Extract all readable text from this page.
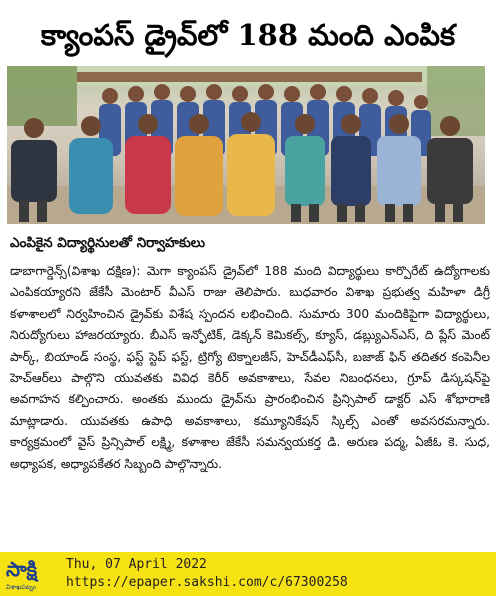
క్యాంపస్ డ్రైవ్‌లో 188 మంది ఎంపిక
ఎంపికైన విద్యార్థినులతో నిర్వాహకులు
డాబాగార్డెన్స్(విశాఖ దక్షిణ): మెగా క్యాంపస్ డ్రైవ్‌లో 188 మంది విద్యార్థులు కార్పొరేట్ ఉద్యోగాలకు ఎంపికయ్యారని జేకేసీ మెంటార్ వీఎస్ రాజు తెలిపారు. బుధవారం విశాఖ ప్రభుత్వ మహిళా డిగ్రీ కళాశాలలో నిర్వహించిన డ్రైవ్‌కు విశేష స్పందన లభించింది. సుమారు 300 మందికిపైగా విద్యార్థులు, నిరుద్యోగులు హాజరయ్యారు. బీఎస్ ఇన్ఫోటిక్, డెక్కన్ కెమికల్స్, క్యూస్, డబ్ల్యుఎన్ఎస్, ది ప్లేస్ మెంట్ పార్క్, బియాండ్ సంస్థ, ఫస్ట్ స్టెప్ ఫస్ట్, ట్రిగ్యో టెక్నాలజీస్, హెచ్‌డీఎఫ్‌సీ, బజాజ్ ఫిన్ తదితర కంపెనీల హెచ్‌ఆర్‌లు పాల్గొని యువతకు వివిధ కెరీర్ అవకాశాలు, సేవల నిబంధనలు, గ్రూప్ డిస్కషన్‌పై అవగాహన కల్పించారు. అంతకు ముందు డ్రైవ్‌ను ప్రారంభించిన ప్రిన్సిపాల్ డాక్టర్ ఎస్ శోభారాణి మాట్లాడారు. యువతకు ఉపాధి అవకాశాలు, కమ్యూనికేషన్ స్కిల్స్ ఎంతో అవసరమన్నారు. కార్యక్రమంలో వైస్ ప్రిన్సిపాల్ లక్ష్మి, కళాశాల జేకేసీ సమన్వయకర్త డి. అరుణ పద్మ, ఏజీఓ కె. సుధ, అధ్యాపక, అధ్యాపకేతర సిబ్బంది పాల్గొన్నారు.
సాక్షి
విశాఖపట్నం
Thu, 07 April 2022
https://epaper.sakshi.com/c/67300258
